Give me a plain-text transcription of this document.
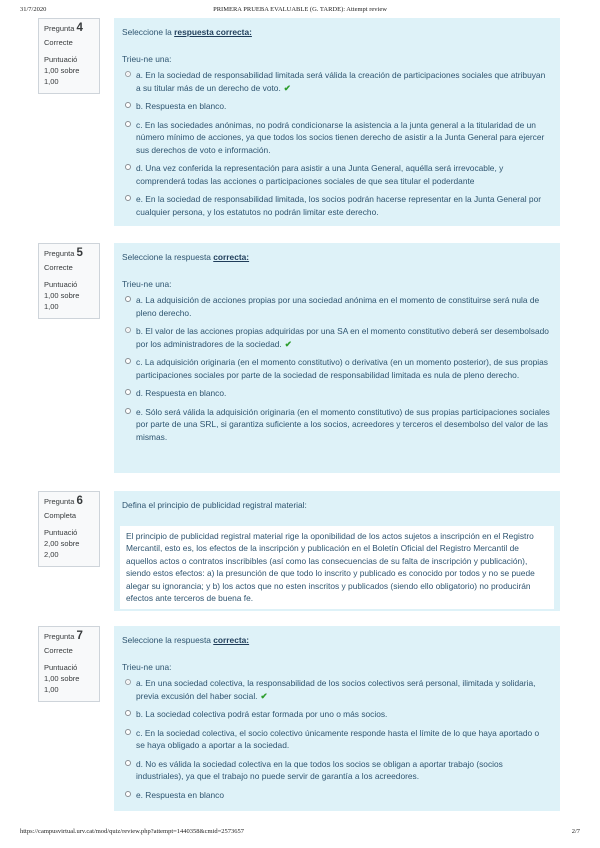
31/7/2020	PRIMERA PRUEBA EVALUABLE (G. TARDE): Attempt review
Pregunta 4
Correcte
Puntuació 1,00 sobre 1,00
Seleccione la respuesta correcta:
Trieu-ne una:
a. En la sociedad de responsabilidad limitada será válida la creación de participaciones sociales que atribuyan a su titular más de un derecho de voto. ✔
b. Respuesta en blanco.
c. En las sociedades anónimas, no podrá condicionarse la asistencia a la junta general a la titularidad de un número mínimo de acciones, ya que todos los socios tienen derecho de asistir a la Junta General para ejercer sus derechos de voto e información.
d. Una vez conferida la representación para asistir a una Junta General, aquélla será irrevocable, y comprenderá todas las acciones o participaciones sociales de que sea titular el poderdante
e. En la sociedad de responsabilidad limitada, los socios podrán hacerse representar en la Junta General por cualquier persona, y los estatutos no podrán limitar este derecho.
Pregunta 5
Correcte
Puntuació 1,00 sobre 1,00
Seleccione la respuesta correcta:
Trieu-ne una:
a. La adquisición de acciones propias por una sociedad anónima en el momento de constituirse será nula de pleno derecho.
b. El valor de las acciones propias adquiridas por una SA en el momento constitutivo deberá ser desembolsado por los administradores de la sociedad. ✔
c. La adquisición originaria (en el momento constitutivo) o derivativa (en un momento posterior), de sus propias participaciones sociales por parte de la sociedad de responsabilidad limitada es nula de pleno derecho.
d. Respuesta en blanco.
e. Sólo será válida la adquisición originaria (en el momento constitutivo) de sus propias participaciones sociales por parte de una SRL, si garantiza suficiente a los socios, acreedores y terceros el desembolso del valor de las mismas.
Pregunta 6
Completa
Puntuació 2,00 sobre 2,00
Defina el principio de publicidad registral material:
El principio de publicidad registral material rige la oponibilidad de los actos sujetos a inscripción en el Registro Mercantil, esto es, los efectos de la inscripción y publicación en el Boletín Oficial del Registro Mercantil de aquellos actos o contratos inscribibles (así como las consecuencias de su falta de inscripción y publicación), siendo estos efectos: a) la presunción de que todo lo inscrito y publicado es conocido por todos y no se puede alegar su ignorancia; y b) los actos que no esten inscritos y publicados (siendo ello obligatorio) no producirán efectos ante terceros de buena fe.
Pregunta 7
Correcte
Puntuació 1,00 sobre 1,00
Seleccione la respuesta correcta:
Trieu-ne una:
a. En una sociedad colectiva, la responsabilidad de los socios colectivos será personal, ilimitada y solidaria, previa excusión del haber social. ✔
b. La sociedad colectiva podrá estar formada por uno o más socios.
c. En la sociedad colectiva, el socio colectivo únicamente responde hasta el límite de lo que haya aportado o se haya obligado a aportar a la sociedad.
d. No es válida la sociedad colectiva en la que todos los socios se obligan a aportar trabajo (socios industriales), ya que el trabajo no puede servir de garantía a los acreedores.
e. Respuesta en blanco
https://campusvirtual.urv.cat/mod/quiz/review.php?attempt=1440358&cmid=2573657	2/7
